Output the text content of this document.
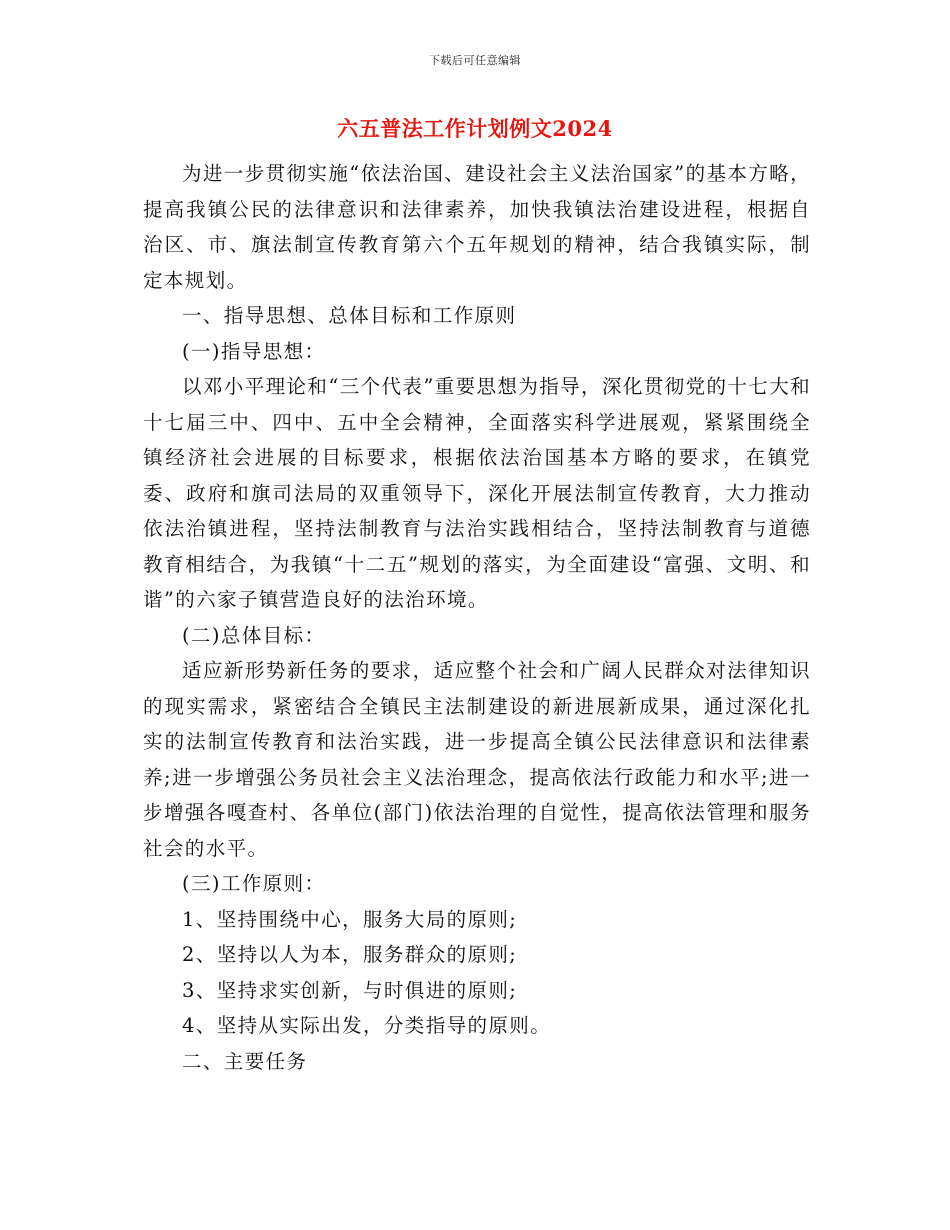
下载后可任意编辑
六五普法工作计划例文2024

为进一步贯彻实施“依法治国、建设社会主义法治国家”的基本方略，提高我镇公民的法律意识和法律素养，加快我镇法治建设进程，根据自治区、市、旗法制宣传教育第六个五年规划的精神，结合我镇实际，制定本规划。

一、指导思想、总体目标和工作原则

(一)指导思想：

以邓小平理论和“三个代表”重要思想为指导，深化贯彻党的十七大和十七届三中、四中、五中全会精神，全面落实科学进展观，紧紧围绕全镇经济社会进展的目标要求，根据依法治国基本方略的要求，在镇党委、政府和旗司法局的双重领导下，深化开展法制宣传教育，大力推动依法治镇进程，坚持法制教育与法治实践相结合，坚持法制教育与道德教育相结合，为我镇“十二五”规划的落实，为全面建设“富强、文明、和谐”的六家子镇营造良好的法治环境。

(二)总体目标：

适应新形势新任务的要求，适应整个社会和广阔人民群众对法律知识的现实需求，紧密结合全镇民主法制建设的新进展新成果，通过深化扎实的法制宣传教育和法治实践，进一步提高全镇公民法律意识和法律素养;进一步增强公务员社会主义法治理念，提高依法行政能力和水平;进一步增强各嘎查村、各单位(部门)依法治理的自觉性，提高依法管理和服务社会的水平。

(三)工作原则：

1、坚持围绕中心，服务大局的原则;

2、坚持以人为本，服务群众的原则;

3、坚持求实创新，与时俱进的原则;

4、坚持从实际出发，分类指导的原则。

二、主要任务
